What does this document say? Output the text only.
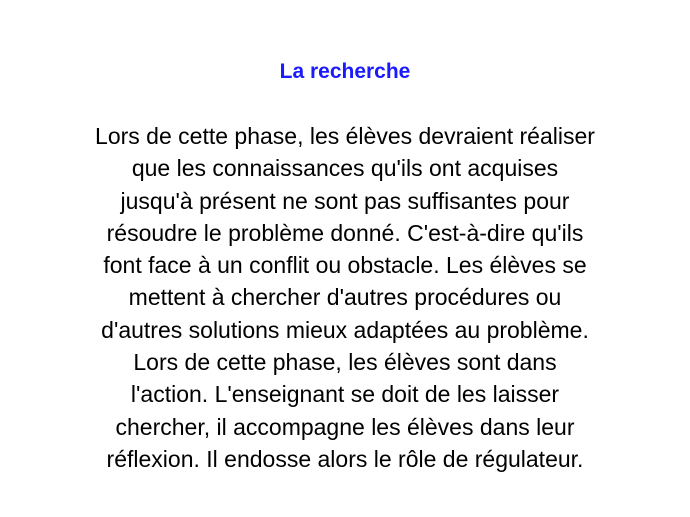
La recherche
Lors de cette phase, les élèves devraient réaliser
que les connaissances qu'ils ont acquises
jusqu'à présent ne sont pas suffisantes pour
résoudre le problème donné. C'est-à-dire qu'ils
font face à un conflit ou obstacle. Les élèves se
mettent à chercher d'autres procédures ou
d'autres solutions mieux adaptées au problème.
Lors de cette phase, les élèves sont dans
l'action. L'enseignant se doit de les laisser
chercher, il accompagne les élèves dans leur
réflexion. Il endosse alors le rôle de régulateur.
